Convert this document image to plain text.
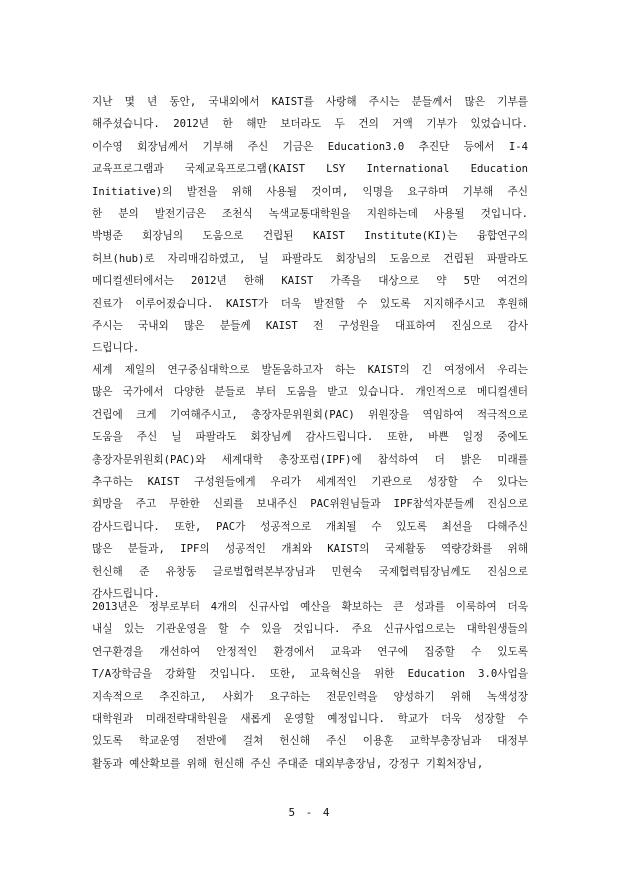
지난 몇 년 동안, 국내외에서 KAIST를 사랑해 주시는 분들께서 많은 기부를
해주셨습니다. 2012년 한 해만 보더라도 두 건의 거액 기부가 있었습니다.
이수영 회장님께서 기부해 주신 기금은 Education3.0 추진단 등에서 I-4
교육프로그램과 국제교육프로그램(KAIST LSY International Education
Initiative)의 발전을 위해 사용될 것이며, 익명을 요구하며 기부해 주신
한 분의 발전기금은 조천식 녹색교통대학원을 지원하는데 사용될 것입니다.
박병준 회장님의 도움으로 건립된 KAIST Institute(KI)는 융합연구의
허브(hub)로 자리매김하였고, 닐 파팔라도 회장님의 도움으로 건립된 파팔라도
메디컬센터에서는 2012년 한해 KAIST 가족을 대상으로 약 5만 여건의
진료가 이루어졌습니다. KAIST가 더욱 발전할 수 있도록 지지해주시고 후원해
주시는 국내외 많은 분들께 KAIST 전 구성원을 대표하여 진심으로 감사
드립니다.
세계 제일의 연구중심대학으로 발돋움하고자 하는 KAIST의 긴 여정에서 우리는
많은 국가에서 다양한 분들로 부터 도움을 받고 있습니다. 개인적으로 메디컬센터
건립에 크게 기여해주시고, 총장자문위원회(PAC) 위원장을 역임하여 적극적으로
도움을 주신 닐 파팔라도 회장님께 감사드립니다. 또한, 바쁜 일정 중에도
총장자문위원회(PAC)와 세계대학 총장포럼(IPF)에 참석하여 더 밝은 미래를
추구하는 KAIST 구성원들에게 우리가 세계적인 기관으로 성장할 수 있다는
희망을 주고 무한한 신뢰를 보내주신 PAC위원님들과 IPF참석자분들께 진심으로
감사드립니다. 또한, PAC가 성공적으로 개최될 수 있도록 최선을 다해주신
많은 분들과, IPF의 성공적인 개최와 KAIST의 국제활동 역량강화를 위해
헌신해 준 유창동 글로벌협력본부장님과 민현숙 국제협력팀장님께도 진심으로
감사드립니다.
2013년은 정부로부터 4개의 신규사업 예산을 확보하는 큰 성과를 이룩하여 더욱
내실 있는 기관운영을 할 수 있을 것입니다. 주요 신규사업으로는 대학원생들의
연구환경을 개선하여 안정적인 환경에서 교육과 연구에 집중할 수 있도록
T/A장학금을 강화할 것입니다. 또한, 교육혁신을 위한 Education 3.0사업을
지속적으로 추진하고, 사회가 요구하는 전문인력을 양성하기 위해 녹색성장
대학원과 미래전략대학원을 새롭게 운영할 예정입니다. 학교가 더욱 성장할 수
있도록 학교운영 전반에 걸쳐 헌신해 주신 이용훈 교학부총장님과 대정부
활동과 예산확보를 위해 헌신해 주신 주대준 대외부총장님, 강정구 기획처장님,
5 - 4
